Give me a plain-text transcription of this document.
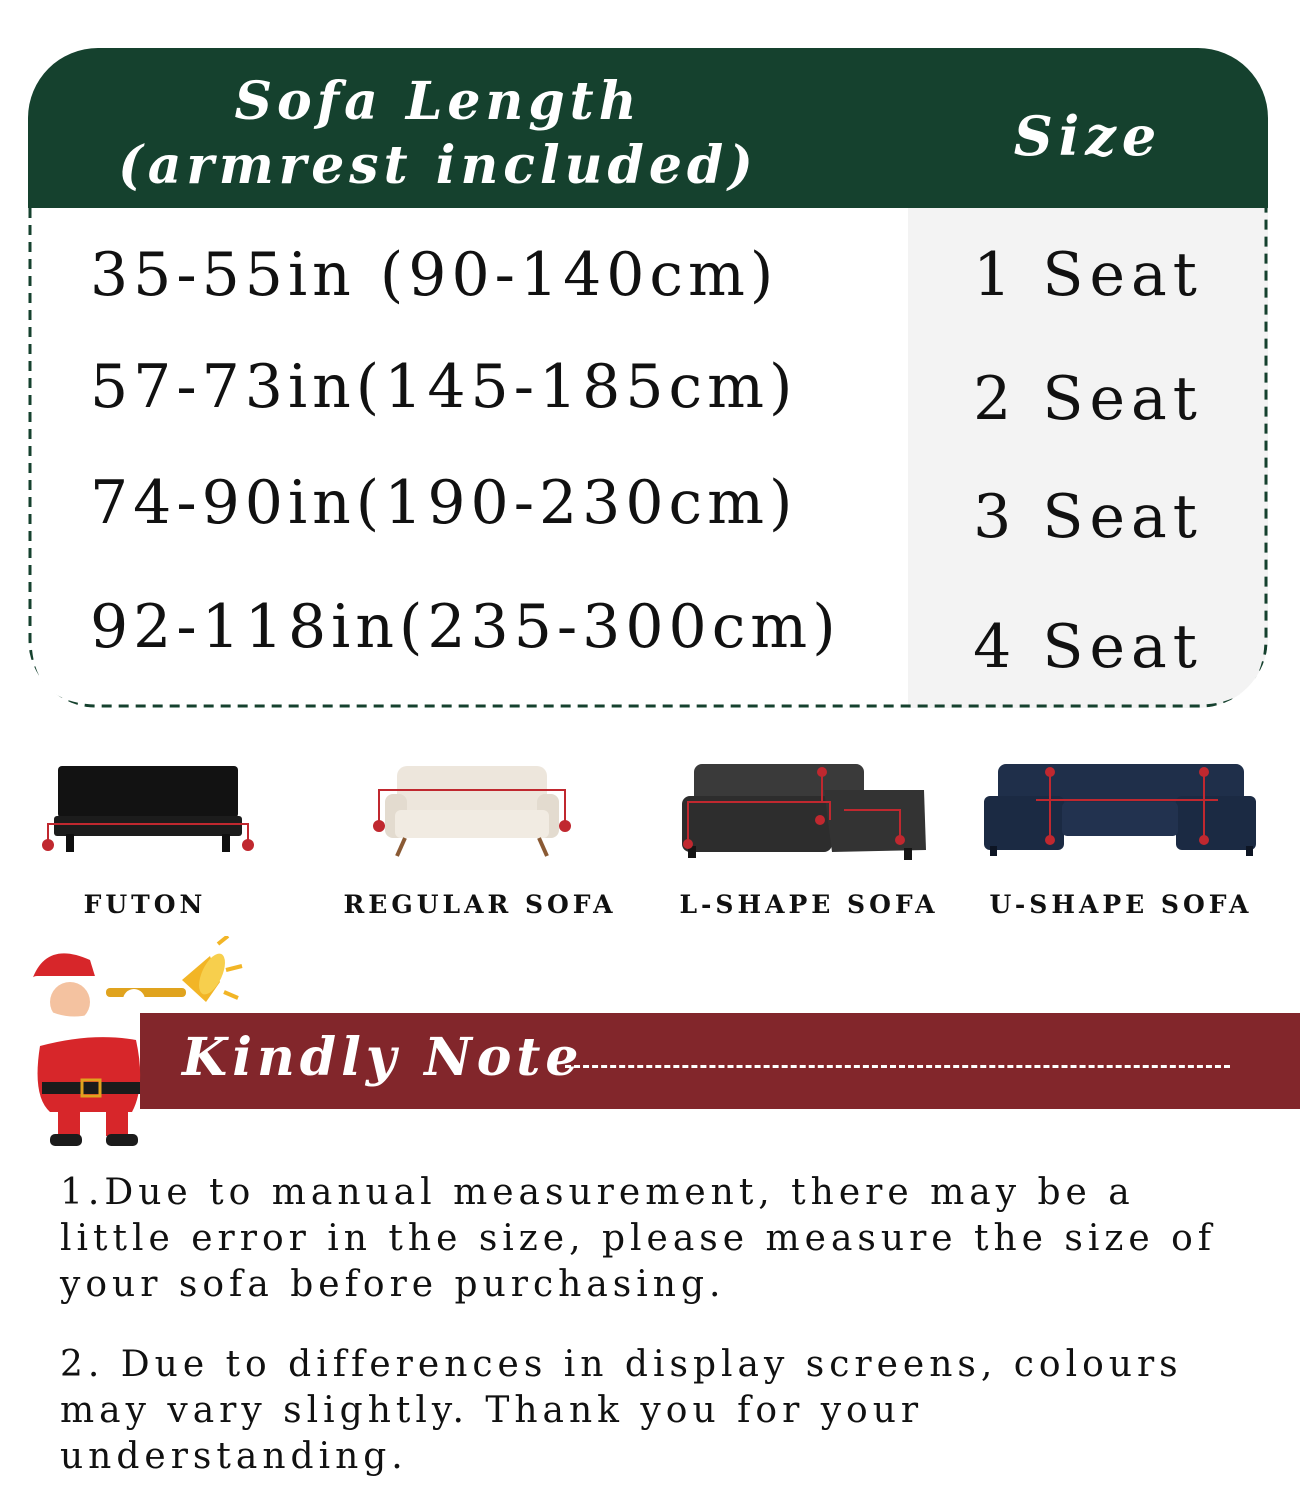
Sofa Length
(armrest included)	Size
35-55in (90-140cm)	1 Seat
57-73in(145-185cm)	2 Seat
74-90in(190-230cm)	3 Seat
92-118in(235-300cm)	4 Seat
FUTON	REGULAR SOFA	L-SHAPE SOFA	U-SHAPE SOFA
Kindly Note
1.Due to manual measurement, there may be a little error in the size, please measure the size of your sofa before purchasing.
2. Due to differences in display screens, colours may vary slightly. Thank you for your understanding.
